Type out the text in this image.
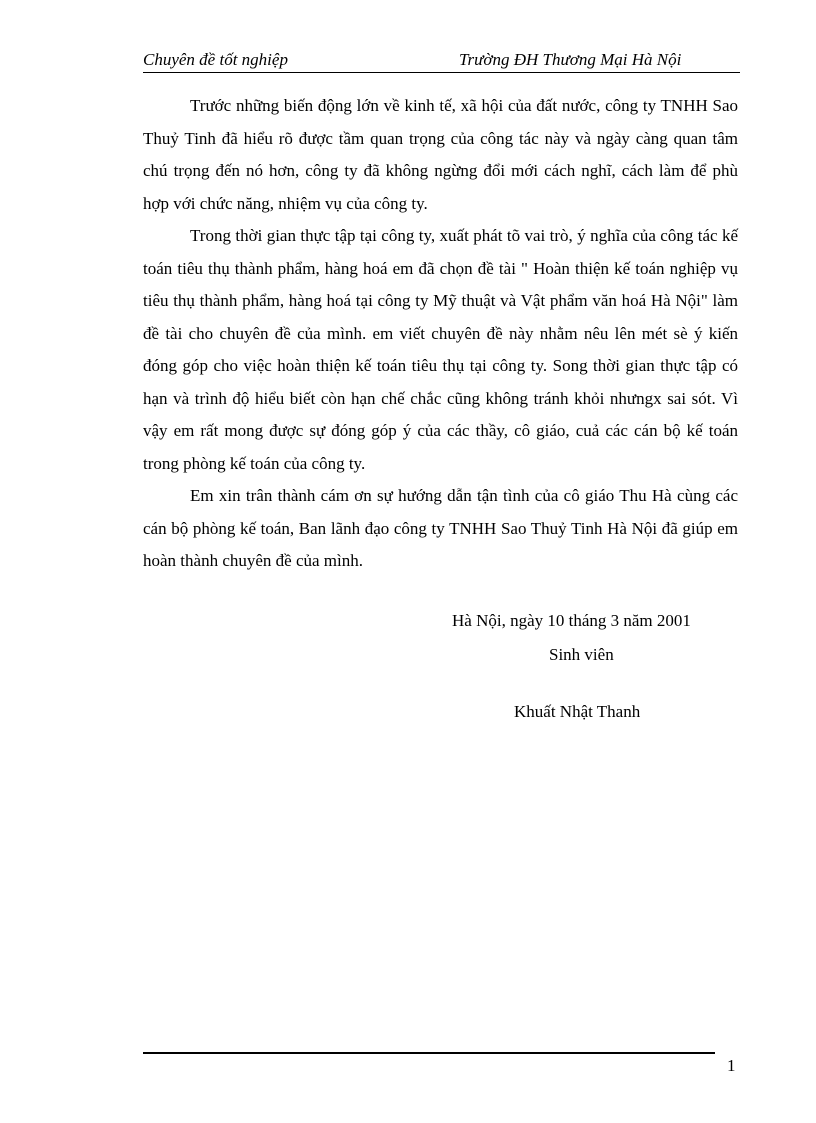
Chuyên đề tốt nghiệp	Trường ĐH Thương Mại Hà Nội

Trước những biến động lớn về kinh tế, xã hội của đất nước, công ty TNHH Sao Thuỷ Tinh đã hiểu rõ được tầm quan trọng của công tác này và ngày càng quan tâm chú trọng đến nó hơn, công ty đã không ngừng đổi mới cách nghĩ, cách làm để phù hợp với chức năng, nhiệm vụ của công ty.

Trong thời gian thực tập tại công ty, xuất phát tõ vai trò, ý nghĩa của công tác kế toán tiêu thụ thành phẩm, hàng hoá em đã chọn đề tài " Hoàn thiện kế toán nghiệp vụ tiêu thụ thành phẩm, hàng hoá tại công ty Mỹ thuật và Vật phẩm văn hoá Hà Nội" làm đề tài cho chuyên đề của mình. em viết chuyên đề này nhằm nêu lên mét sè ý kiến đóng góp cho việc hoàn thiện kế toán tiêu thụ tại công ty. Song thời gian thực tập có hạn và trình độ hiểu biết còn hạn chế chắc cũng không tránh khỏi nhưngx sai sót. Vì vậy em rất mong được sự đóng góp ý của các thầy, cô giáo, cuả các cán bộ kế toán trong phòng kế toán của công ty.

Em xin trân thành cám ơn sự hướng dẫn tận tình của cô giáo Thu Hà cùng các cán bộ phòng kế toán, Ban lãnh đạo công ty TNHH Sao Thuỷ Tinh Hà Nội đã giúp em hoàn thành chuyên đề của mình.

Hà Nội, ngày 10 tháng 3 năm 2001
Sinh viên
Khuất Nhật Thanh
1
